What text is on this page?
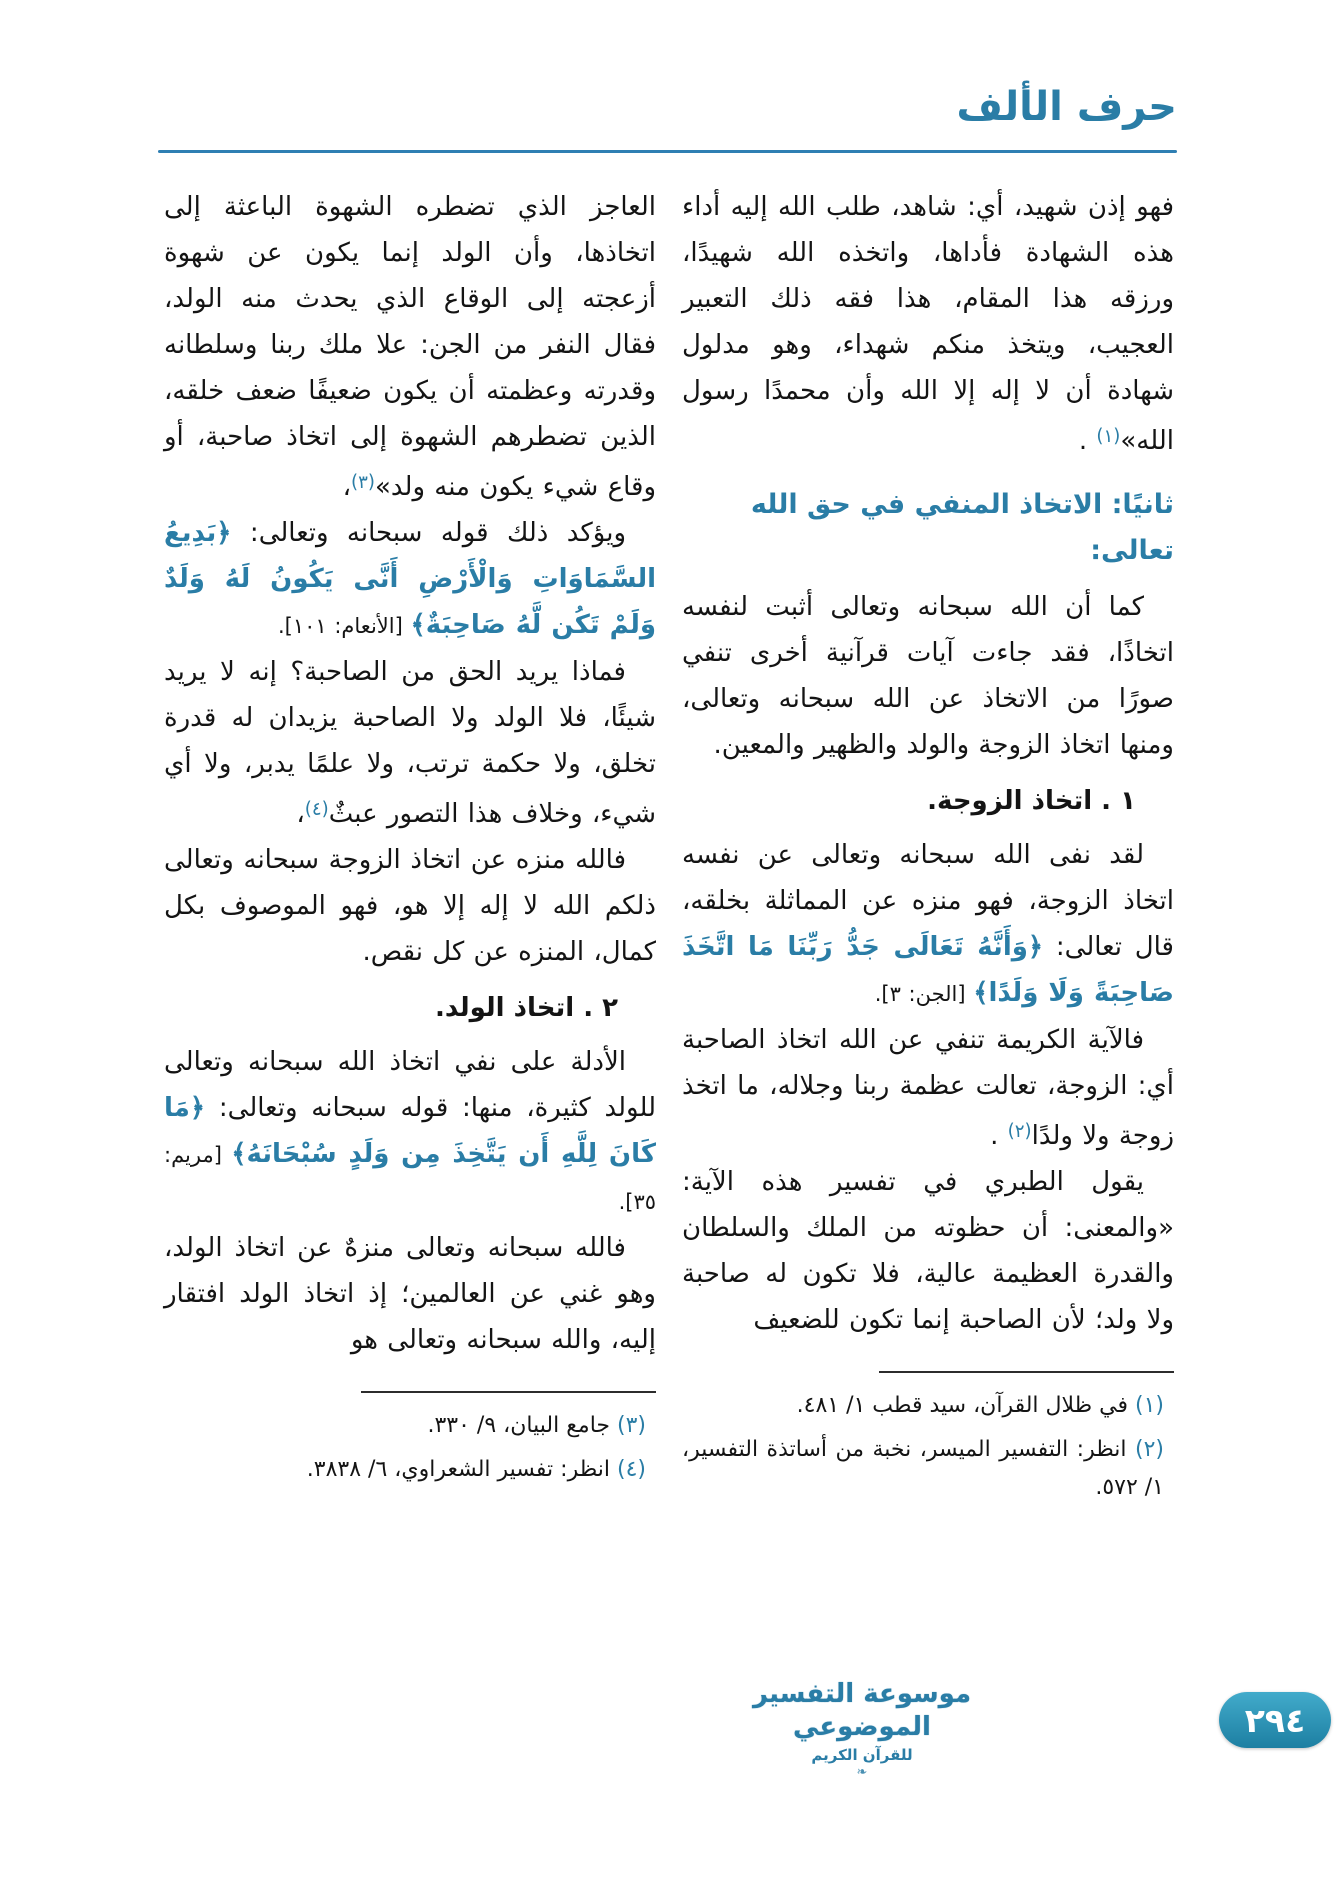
حرف الألف

فهو إذن شهيد، أي: شاهد، طلب الله إليه أداء هذه الشهادة فأداها، واتخذه الله شهيدًا، ورزقه هذا المقام، هذا فقه ذلك التعبير العجيب، ويتخذ منكم شهداء، وهو مدلول شهادة أن لا إله إلا الله وأن محمدًا رسول الله»$^{(١)}$ .

ثانيًا: الاتخاذ المنفي في حق الله تعالى:

كما أن الله سبحانه وتعالى أثبت لنفسه اتخاذًا، فقد جاءت آيات قرآنية أخرى تنفي صورًا من الاتخاذ عن الله سبحانه وتعالى، ومنها اتخاذ الزوجة والولد والظهير والمعين.

١ . اتخاذ الزوجة.

لقد نفى الله سبحانه وتعالى عن نفسه اتخاذ الزوجة، فهو منزه عن المماثلة بخلقه، قال تعالى: ﴿وَأَنَّهُ تَعَالَى جَدُّ رَبِّنَا مَا اتَّخَذَ صَاحِبَةً وَلَا وَلَدًا﴾ [الجن: ٣].

فالآية الكريمة تنفي عن الله اتخاذ الصاحبة أي: الزوجة، تعالت عظمة ربنا وجلاله، ما اتخذ زوجة ولا ولدًا$^{(٢)}$ .

يقول الطبري في تفسير هذه الآية: «والمعنى: أن حظوته من الملك والسلطان والقدرة العظيمة عالية، فلا تكون له صاحبة ولا ولد؛ لأن الصاحبة إنما تكون للضعيف

(١) في ظلال القرآن، سيد قطب ١/ ٤٨١.

(٢) انظر: التفسير الميسر، نخبة من أساتذة التفسير، ١/ ٥٧٢.

العاجز الذي تضطره الشهوة الباعثة إلى اتخاذها، وأن الولد إنما يكون عن شهوة أزعجته إلى الوقاع الذي يحدث منه الولد، فقال النفر من الجن: علا ملك ربنا وسلطانه وقدرته وعظمته أن يكون ضعيفًا ضعف خلقه، الذين تضطرهم الشهوة إلى اتخاذ صاحبة، أو وقاع شيء يكون منه ولد»$^{(٣)}$،

ويؤكد ذلك قوله سبحانه وتعالى: ﴿بَدِيعُ السَّمَاوَاتِ وَالْأَرْضِ أَنَّى يَكُونُ لَهُ وَلَدٌ وَلَمْ تَكُن لَّهُ صَاحِبَةٌ﴾ [الأنعام: ١٠١].

فماذا يريد الحق من الصاحبة؟ إنه لا يريد شيئًا، فلا الولد ولا الصاحبة يزيدان له قدرة تخلق، ولا حكمة ترتب، ولا علمًا يدبر، ولا أي شيء، وخلاف هذا التصور عبثٌ$^{(٤)}$،

فالله منزه عن اتخاذ الزوجة سبحانه وتعالى ذلكم الله لا إله إلا هو، فهو الموصوف بكل كمال، المنزه عن كل نقص.

٢ . اتخاذ الولد.

الأدلة على نفي اتخاذ الله سبحانه وتعالى للولد كثيرة، منها: قوله سبحانه وتعالى: ﴿مَا كَانَ لِلَّهِ أَن يَتَّخِذَ مِن وَلَدٍ سُبْحَانَهُ﴾ [مريم: ٣٥].

فالله سبحانه وتعالى منزهٌ عن اتخاذ الولد، وهو غني عن العالمين؛ إذ اتخاذ الولد افتقار إليه، والله سبحانه وتعالى هو

(٣) جامع البيان، ٩/ ٣٣٠.

(٤) انظر: تفسير الشعراوي، ٦/ ٣٨٣٨.

موسوعة التفسير الموضوعي
للقرآن الكريم
❧
٢٩٤
